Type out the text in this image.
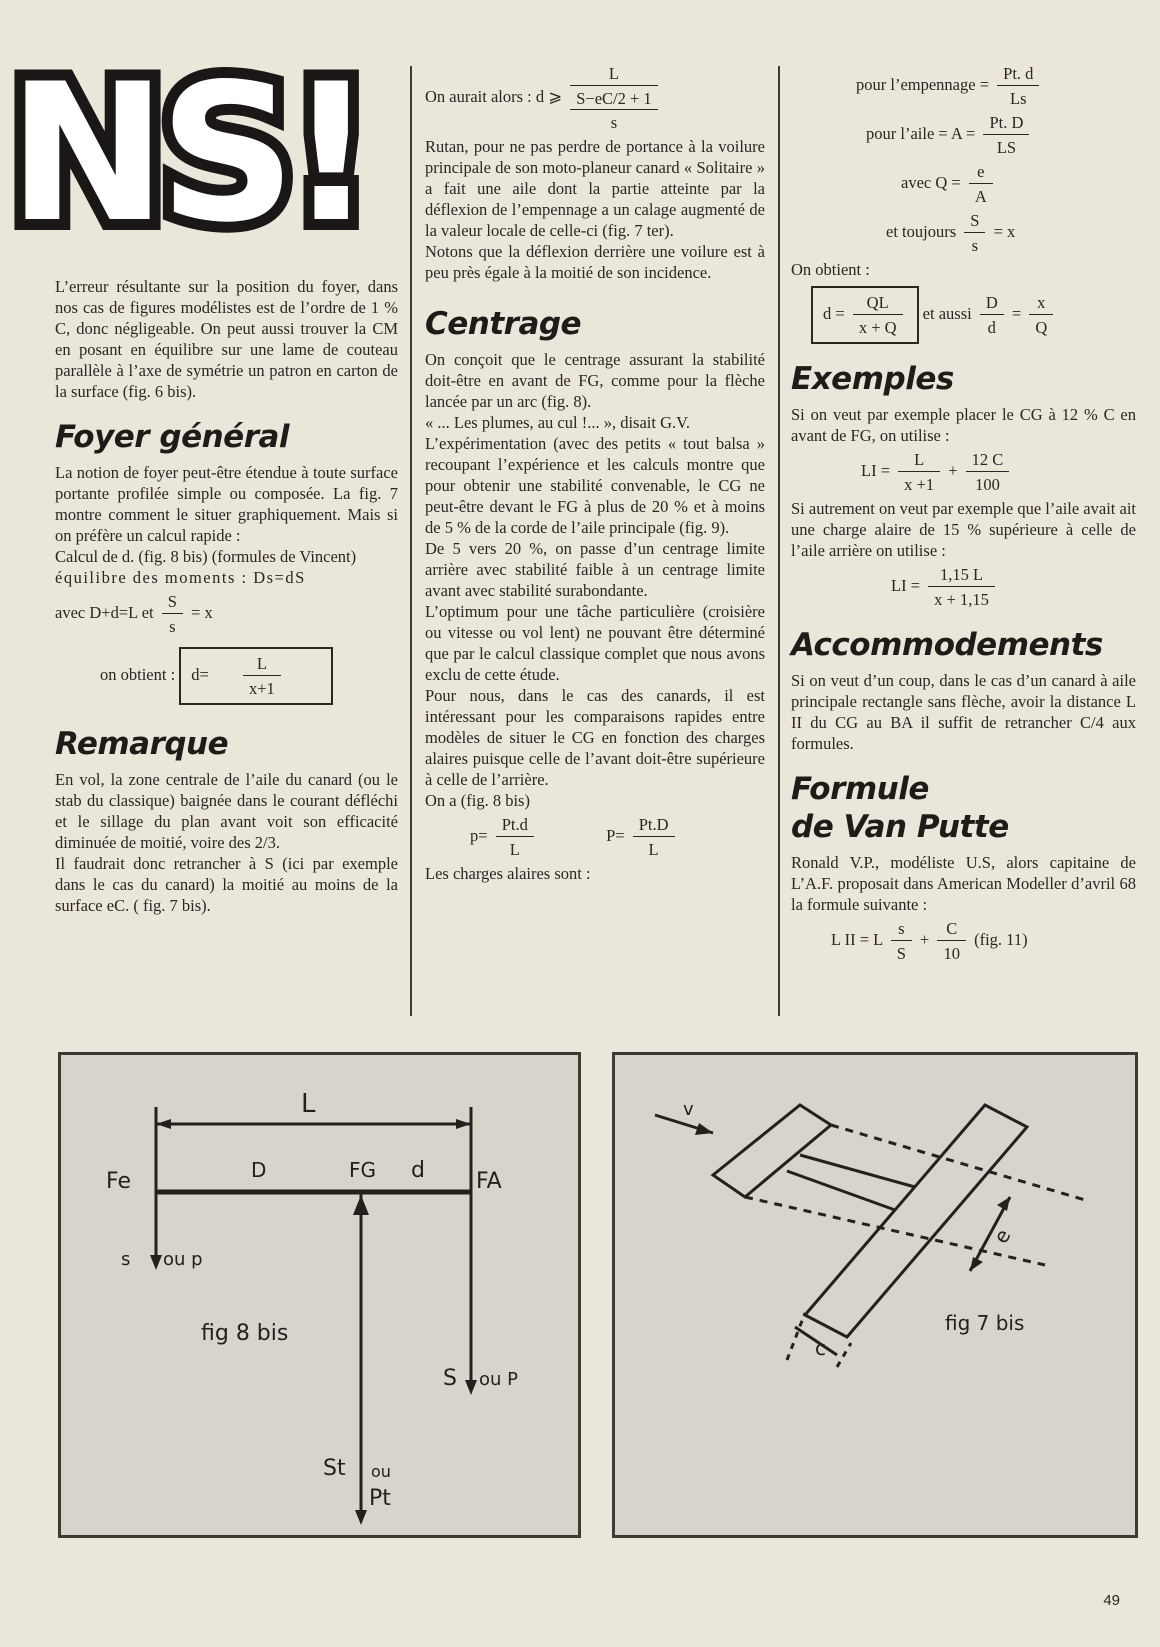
NS!

L’erreur résultante sur la position du foyer, dans nos cas de figures modélistes est de l’ordre de 1 % C, donc négligeable. On peut aussi trouver la CM en posant en équilibre sur une lame de couteau parallèle à l’axe de symétrie un patron en carton de la surface (fig. 6 bis).

Foyer général

La notion de foyer peut-être étendue à toute surface portante profilée simple ou composée. La fig. 7 montre comment le situer graphiquement. Mais si on préfère un calcul rapide :

Calcul de d. (fig. 8 bis) (formules de Vincent)

équilibre des moments : Ds=dS

avec D+d=L et $\frac{S}{s} = x$
on obtient : $d= \frac{L}{x+1}$
Remarque

En vol, la zone centrale de l’aile du canard (ou le stab du classique) baignée dans le courant défléchi et le sillage du plan avant voit son efficacité diminuée de moitié, voire des 2/3.

Il faudrait donc retrancher à S (ici par exemple dans le cas du canard) la moitié au moins de la surface eC. ( fig. 7 bis).

On aurait alors : d ⩾
L
S−eC/2 + 1
s

Rutan, pour ne pas perdre de portance à la voilure principale de son moto-planeur canard « Solitaire » a fait une aile dont la partie atteinte par la déflexion de l’empennage a un calage augmenté de la valeur locale de celle-ci (fig. 7 ter).

Notons que la déflexion derrière une voilure est à peu près égale à la moitié de son incidence.

Centrage

On conçoit que le centrage assurant la stabilité doit-être en avant de FG, comme pour la flèche lancée par un arc (fig. 8).

« ... Les plumes, au cul !... », disait G.V.

L’expérimentation (avec des petits « tout balsa » recoupant l’expérience et les calculs montre que pour obtenir une stabilité convenable, le CG ne peut-être devant le FG à plus de 20 % et à moins de 5 % de la corde de l’aile principale (fig. 9).

De 5 vers 20 %, on passe d’un centrage limite arrière avec stabilité faible à un centrage limite avant avec stabilité surabondante.

L’optimum pour une tâche particulière (croisière ou vitesse ou vol lent) ne pouvant être déterminé que par le calcul classique complet que nous avons exclu de cette étude.

Pour nous, dans le cas des canards, il est intéressant pour les comparaisons rapides entre modèles de situer le CG en fonction des charges alaires puisque celle de l’avant doit-être supérieure à celle de l’arrière.

On a (fig. 8 bis)

$p= \frac{Pt.d}{L}$	$P= \frac{Pt.D}{L}$

Les charges alaires sont :

pour l’empennage = $\frac{Pt. d}{Ls}$
pour l’aile = $A = \frac{Pt. D}{LS}$
avec $Q = \frac{e}{A}$
et toujours $\frac{S}{s} = x$

On obtient :

$d = \frac{QL}{x + Q}$ et aussi $\frac{D}{d} = \frac{x}{Q}$
Exemples

Si on veut par exemple placer le CG à 12 % C en avant de FG, on utilise :

LI = $\frac{L}{x +1} + \frac{12 C}{100}$

Si autrement on veut par exemple que l’aile avait ait une charge alaire de 15 % supérieure à celle de l’aile arrière on utilise :

LI = $\frac{1,15 L}{x + 1,15}$
Accommodements

Si on veut d’un coup, dans le cas d’un canard à aile principale rectangle sans flèche, avoir la distance L II du CG au BA il suffit de retrancher C/4 aux formules.

Formule
de Van Putte

Ronald V.P., modéliste U.S, alors capitaine de L’A.F. proposait dans American Modeller d’avril 68 la formule suivante :

L II = L $\frac{s}{S} + \frac{C}{10} (fig$. 11)
L
Fe	D	FG d FA
s ou p
fig 8 bis
S ou P
St ou
Pt
v
e
c
fig 7 bis
49
